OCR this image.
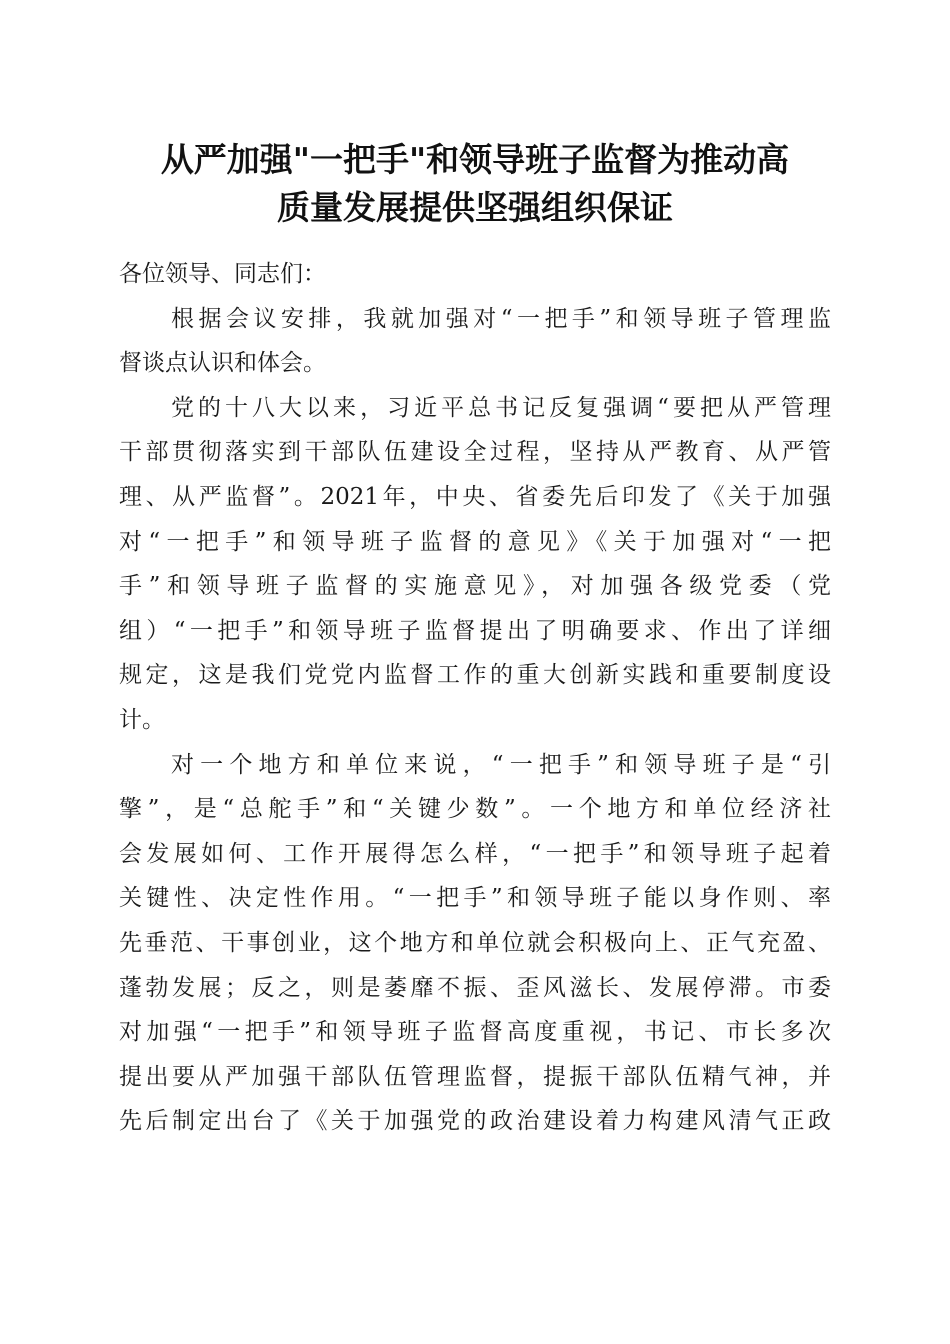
从严加强"一把手"和领导班子监督为推动高
质量发展提供坚强组织保证
各位领导、同志们：
根据会议安排，我就加强对“一把手”和领导班子管理监
督谈点认识和体会。
党的十八大以来，习近平总书记反复强调“要把从严管理
干部贯彻落实到干部队伍建设全过程，坚持从严教育、从严管
理、从严监督”。2021年，中央、省委先后印发了《关于加强
对“一把手”和领导班子监督的意见》《关于加强对“一把
手”和领导班子监督的实施意见》，对加强各级党委（党
组）“一把手”和领导班子监督提出了明确要求、作出了详细
规定，这是我们党党内监督工作的重大创新实践和重要制度设
计。
对一个地方和单位来说，“一把手”和领导班子是“引
擎”，是“总舵手”和“关键少数”。一个地方和单位经济社
会发展如何、工作开展得怎么样，“一把手”和领导班子起着
关键性、决定性作用。“一把手”和领导班子能以身作则、率
先垂范、干事创业，这个地方和单位就会积极向上、正气充盈、
蓬勃发展；反之，则是萎靡不振、歪风滋长、发展停滞。市委
对加强“一把手”和领导班子监督高度重视，书记、市长多次
提出要从严加强干部队伍管理监督，提振干部队伍精气神，并
先后制定出台了《关于加强党的政治建设着力构建风清气正政
